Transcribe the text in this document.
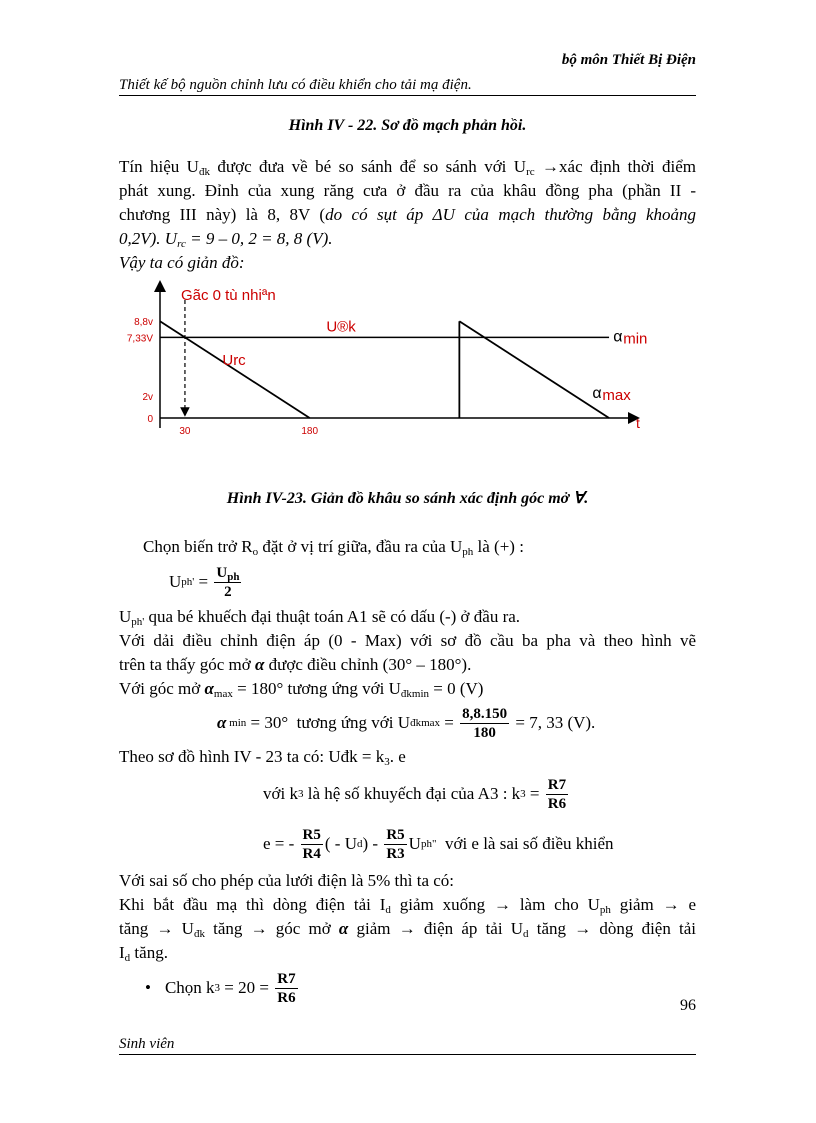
bộ môn Thiết Bị Điện
Thiết kế bộ nguồn chỉnh lưu có điều khiển cho tải mạ điện.
Hình IV - 22. Sơ đồ mạch phản hồi.
Tín hiệu $U_{đk}$ được đưa về bé so sánh để so sánh với $U_{rc}$ →xác định thời điểm
phát xung. Đỉnh của xung răng cưa ở đầu ra của khâu đồng pha (phần II -
chương III này) là 8, 8V (do có sụt áp ΔU của mạch thường bằng khoảng
0,2V). $U_{rc} = 9 - 0$, 2 = 8, 8 (V).
Vậy ta có giản đồ:
8,8v
7,33V
2v
0
30	180
t
Gãc 0 tù nhiªn
U®k
Urc
α min
α max
Hình IV-23. Giản đồ khâu so sánh xác định góc mở ∀.
Chọn biến trở $R_o$ đặt ở vị trí giữa, đầu ra của $U_{ph}$ là (+) :
U $ph' = \frac{U_{ph}}{2}$
$U_{ph'}$ qua bé khuếch đại thuật toán A1 sẽ có dấu (-) ở đầu ra.
Với dải điều chỉnh điện áp (0 - Max) với sơ đồ cầu ba pha và theo hình vẽ
trên ta thấy góc mở α được điều chỉnh (30° – 180°).
Với góc mở $\alpha_{max} = 180^\circ$ tương ứng với $U_{đkmin} = 0$ (V)
α min = 30°  tương ứng với U đkmax = $\frac{8,8.150}{180} = 7$, 33 (V).
Theo sơ đồ hình IV - 23 ta có: Uđk = $k_3$. e
với k 3 là hệ số khuyếch đại của A3 : k $3 = \frac{R7}{R6}$
e = - $\frac{R5}{R4}$ ( - U d ) - $\frac{R5}{R3}$ U ph" với e là sai số điều khiển
Với sai số cho phép của lưới điện là 5% thì ta có:
Khi bắt đầu mạ thì dòng điện tải $I_d$ giảm xuống → làm cho $U_{ph}$ giảm → e
tăng → $U_{đk}$ tăng → góc mở α giảm → điện áp tải $U_d$ tăng → dòng điện tải
$I_d$ tăng.
• Chọn k $3 = 20 = \frac{R7}{R6}$	96
Sinh viên
